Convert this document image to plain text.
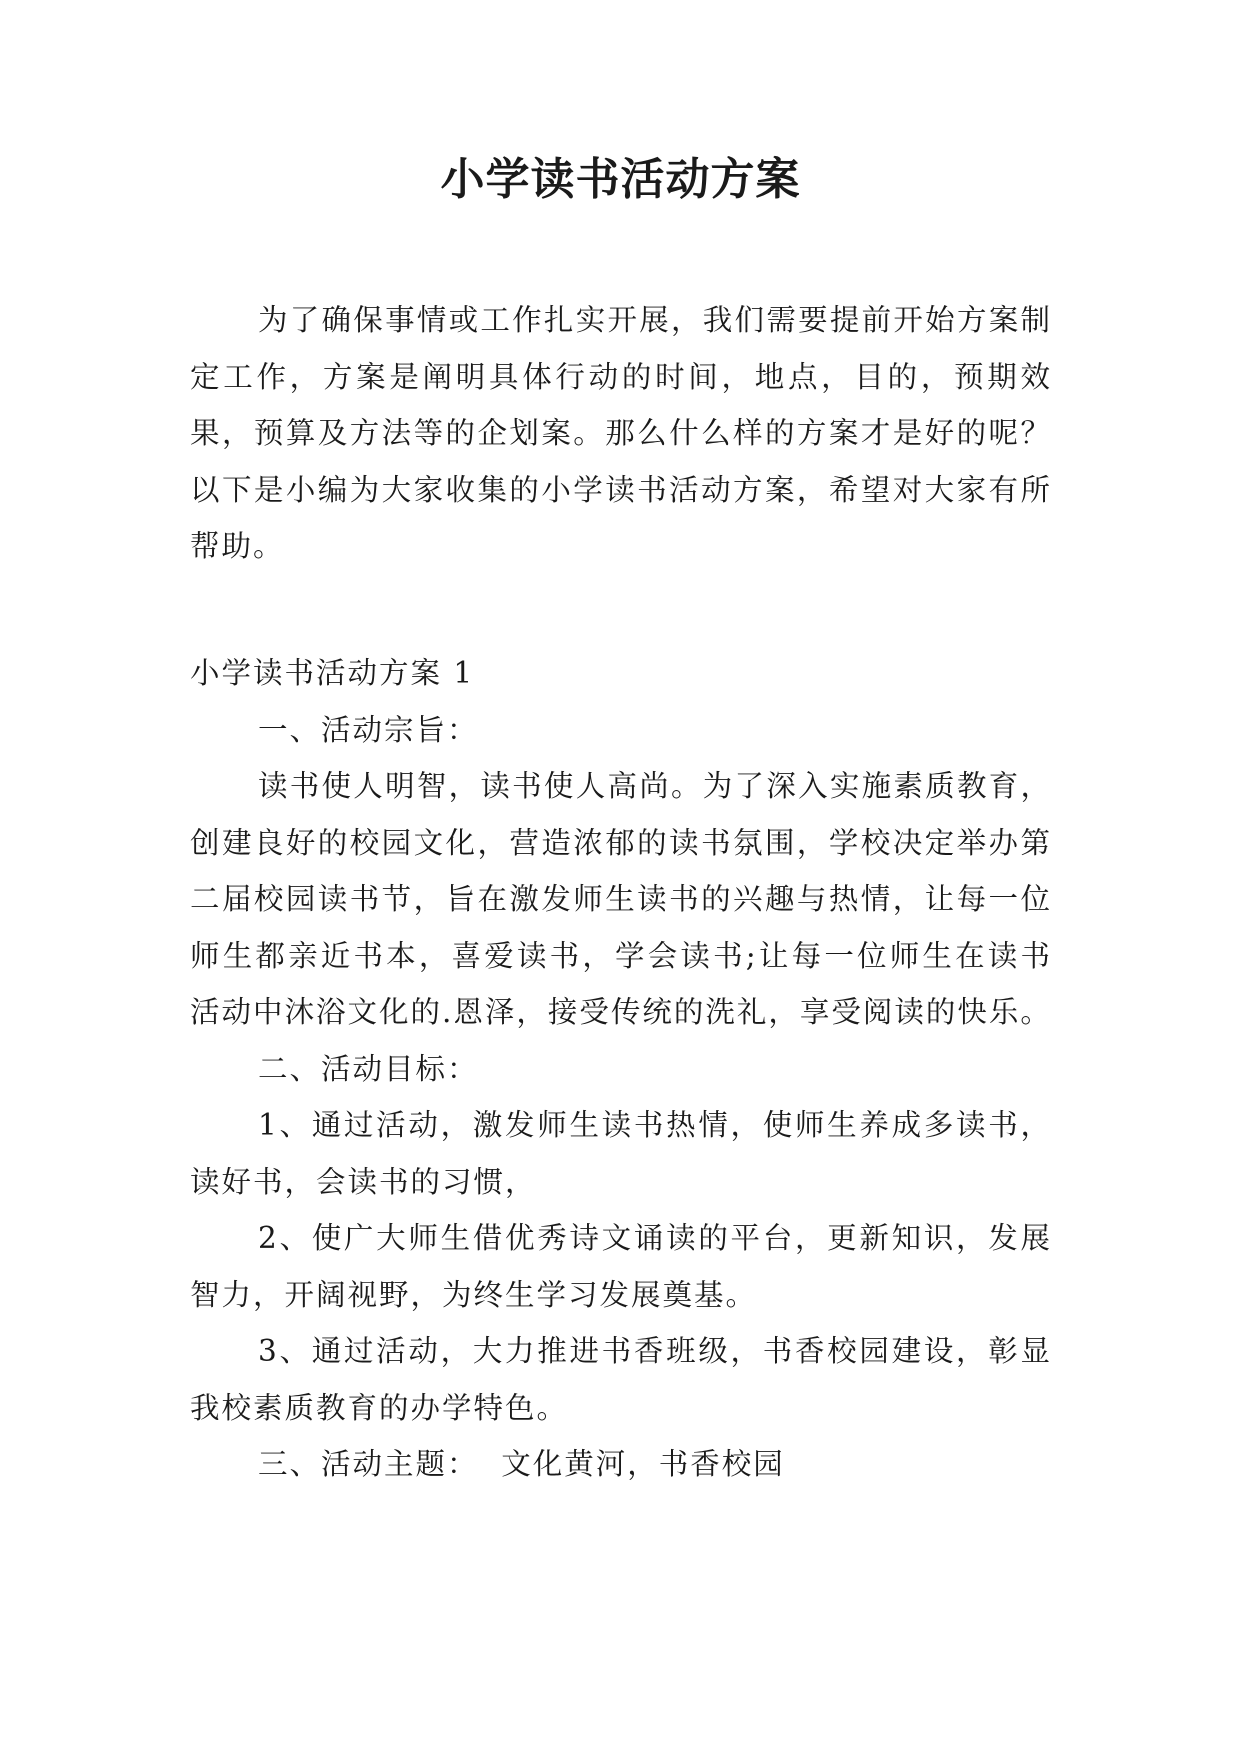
小学读书活动方案

为了确保事情或工作扎实开展，我们需要提前开始方案制定工作，方案是阐明具体行动的时间，地点，目的，预期效果，预算及方法等的企划案。那么什么样的方案才是好的呢？以下是小编为大家收集的小学读书活动方案，希望对大家有所帮助。

小学读书活动方案 1

一、活动宗旨：

读书使人明智，读书使人高尚。为了深入实施素质教育，创建良好的校园文化，营造浓郁的读书氛围，学校决定举办第二届校园读书节，旨在激发师生读书的兴趣与热情，让每一位师生都亲近书本，喜爱读书，学会读书;让每一位师生在读书活动中沐浴文化的.恩泽，接受传统的洗礼，享受阅读的快乐。

二、活动目标：

1、通过活动，激发师生读书热情，使师生养成多读书，读好书，会读书的习惯，

2、使广大师生借优秀诗文诵读的平台，更新知识，发展智力，开阔视野，为终生学习发展奠基。

3、通过活动，大力推进书香班级，书香校园建设，彰显我校素质教育的办学特色。

三、活动主题：  文化黄河，书香校园
